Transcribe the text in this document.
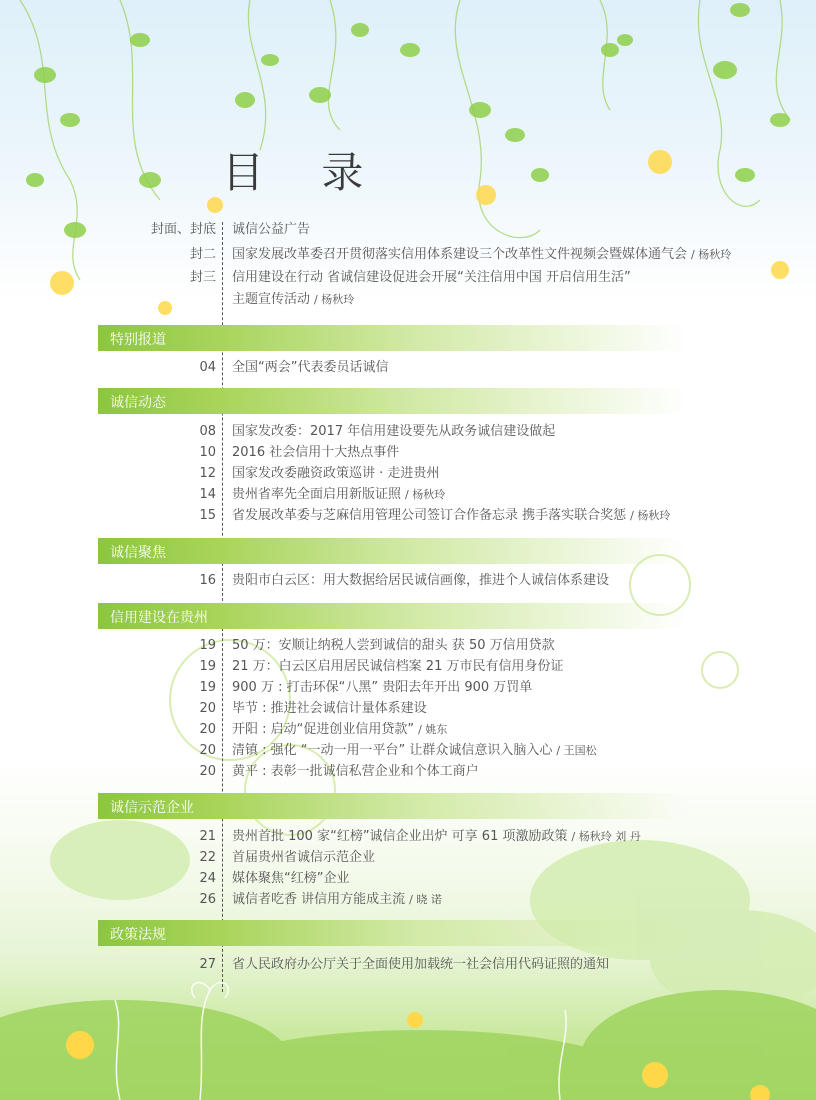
目 录
封面、封底 诚信公益广告
封二 国家发展改革委召开贯彻落实信用体系建设三个改革性文件视频会暨媒体通气会 / 杨秋玲
封三 信用建设在行动 省诚信建设促进会开展“关注信用中国 开启信用生活”
主题宣传活动 / 杨秋玲
特别报道
04 全国“两会”代表委员话诚信
诚信动态
08 国家发改委：2017 年信用建设要先从政务诚信建设做起
10 2016 社会信用十大热点事件
12 国家发改委融资政策巡讲 · 走进贵州
14 贵州省率先全面启用新版证照 / 杨秋玲
15 省发展改革委与芝麻信用管理公司签订合作备忘录 携手落实联合奖惩 / 杨秋玲
诚信聚焦
16 贵阳市白云区：用大数据给居民诚信画像，推进个人诚信体系建设
信用建设在贵州
19 50 万：安顺让纳税人尝到诚信的甜头 获 50 万信用贷款
19 21 万：白云区启用居民诚信档案 21 万市民有信用身份证
19 900 万 : 打击环保“八黑” 贵阳去年开出 900 万罚单
20 毕节 : 推进社会诚信计量体系建设
20 开阳 : 启动“促进创业信用贷款” / 姚东
20 清镇 : 强化 “一动一用一平台” 让群众诚信意识入脑入心 / 王国松
20 黄平 : 表彰一批诚信私营企业和个体工商户
诚信示范企业
21 贵州首批 100 家“红榜”诚信企业出炉 可享 61 项激励政策 / 杨秋玲 刘 丹
22 首届贵州省诚信示范企业
24 媒体聚焦“红榜”企业
26 诚信者吃香 讲信用方能成主流 / 晓 诺
政策法规
27 省人民政府办公厅关于全面使用加载统一社会信用代码证照的通知
